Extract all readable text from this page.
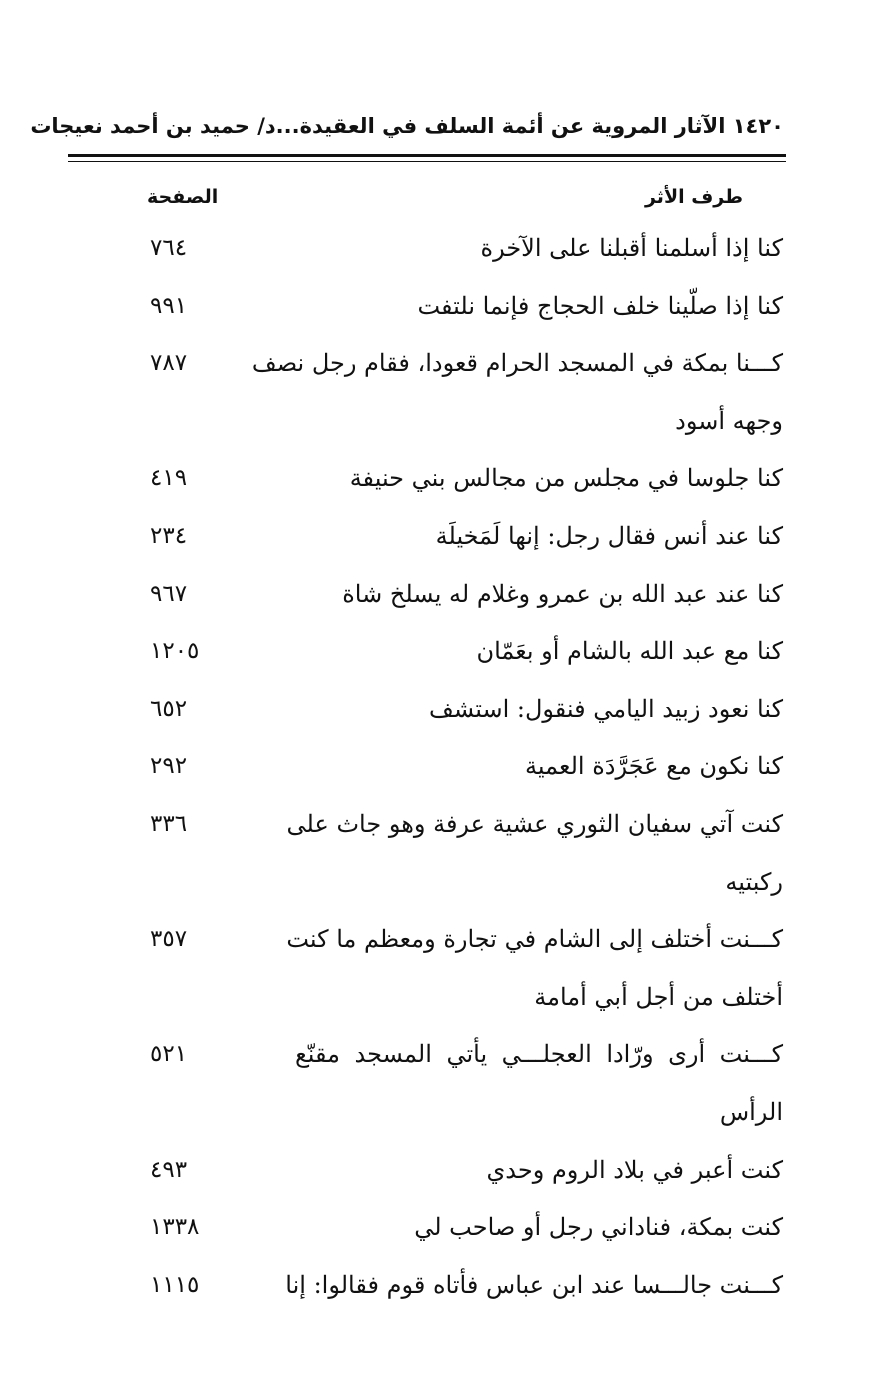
١٤٢٠ الآثار المروية عن أئمة السلف في العقيدة...د/ حميد بن أحمد نعيجات
طرف الأثر
الصفحة
كنا إذا أسلمنا أقبلنا على الآخرة
٧٦٤
كنا إذا صلّينا خلف الحجاج فإنما نلتفت
٩٩١
كـــنا بمكة في المسجد الحرام قعودا، فقام رجل نصف
٧٨٧
وجهه أسود
كنا جلوسا في مجلس من مجالس بني حنيفة
٤١٩
كنا عند أنس فقال رجل: إنها لَمَخيلَة
٢٣٤
كنا عند عبد الله بن عمرو وغلام له يسلخ شاة
٩٦٧
كنا مع عبد الله بالشام أو بعَمّان
١٢٠٥
كنا نعود زبيد اليامي فنقول: استشف
٦٥٢
كنا نكون مع عَجَرَّدَة العمية
٢٩٢
كنت آتي سفيان الثوري عشية عرفة وهو جاث على
٣٣٦
ركبتيه
كـــنت أختلف إلى الشام في تجارة ومعظم ما كنت
٣٥٧
أختلف من أجل أبي أمامة
كـــنت أرى ورّادا العجلـــي يأتي المسجد مقنّع
٥٢١
الرأس
كنت أعبر في بلاد الروم وحدي
٤٩٣
كنت بمكة، فناداني رجل أو صاحب لي
١٣٣٨
كـــنت جالـــسا عند ابن عباس فأتاه قوم فقالوا: إنا
١١١٥
